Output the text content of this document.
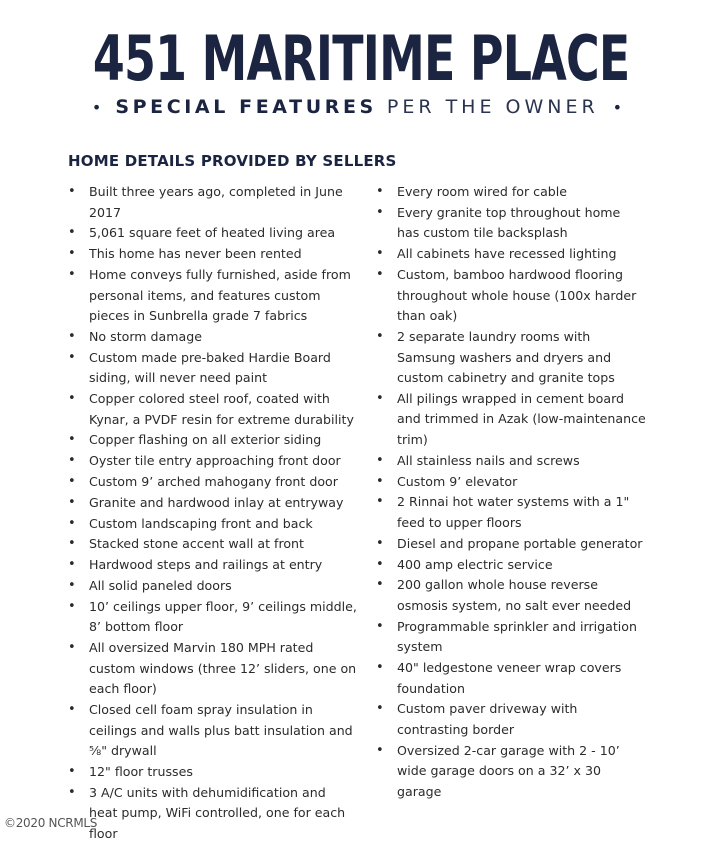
451 MARITIME PLACE
• SPECIAL FEATURES PER THE OWNER •
HOME DETAILS PROVIDED BY SELLERS
• Built three years ago, completed in June 2017
• 5,061 square feet of heated living area
• This home has never been rented
• Home conveys fully furnished, aside from personal items, and features custom pieces in Sunbrella grade 7 fabrics
• No storm damage
• Custom made pre-baked Hardie Board siding, will never need paint
• Copper colored steel roof, coated with Kynar, a PVDF resin for extreme durability
• Copper flashing on all exterior siding
• Oyster tile entry approaching front door
• Custom 9’ arched mahogany front door
• Granite and hardwood inlay at entryway
• Custom landscaping front and back
• Stacked stone accent wall at front
• Hardwood steps and railings at entry
• All solid paneled doors
• 10’ ceilings upper floor, 9’ ceilings middle, 8’ bottom floor
• All oversized Marvin 180 MPH rated custom windows (three 12’ sliders, one on each floor)
• Closed cell foam spray insulation in ceilings and walls plus batt insulation and ⅝" drywall
• 12" floor trusses
• 3 A/C units with dehumidification and heat pump, WiFi controlled, one for each floor
• Every room wired for cable
• Every granite top throughout home has custom tile backsplash
• All cabinets have recessed lighting
• Custom, bamboo hardwood flooring throughout whole house (100x harder than oak)
• 2 separate laundry rooms with Samsung washers and dryers and custom cabinetry and granite tops
• All pilings wrapped in cement board and trimmed in Azak (low-maintenance trim)
• All stainless nails and screws
• Custom 9’ elevator
• 2 Rinnai hot water systems with a 1" feed to upper floors
• Diesel and propane portable generator
• 400 amp electric service
• 200 gallon whole house reverse osmosis system, no salt ever needed
• Programmable sprinkler and irrigation system
• 40" ledgestone veneer wrap covers foundation
• Custom paver driveway with contrasting border
• Oversized 2-car garage with 2 - 10’ wide garage doors on a 32’ x 30 garage
©2020 NCRMLS
